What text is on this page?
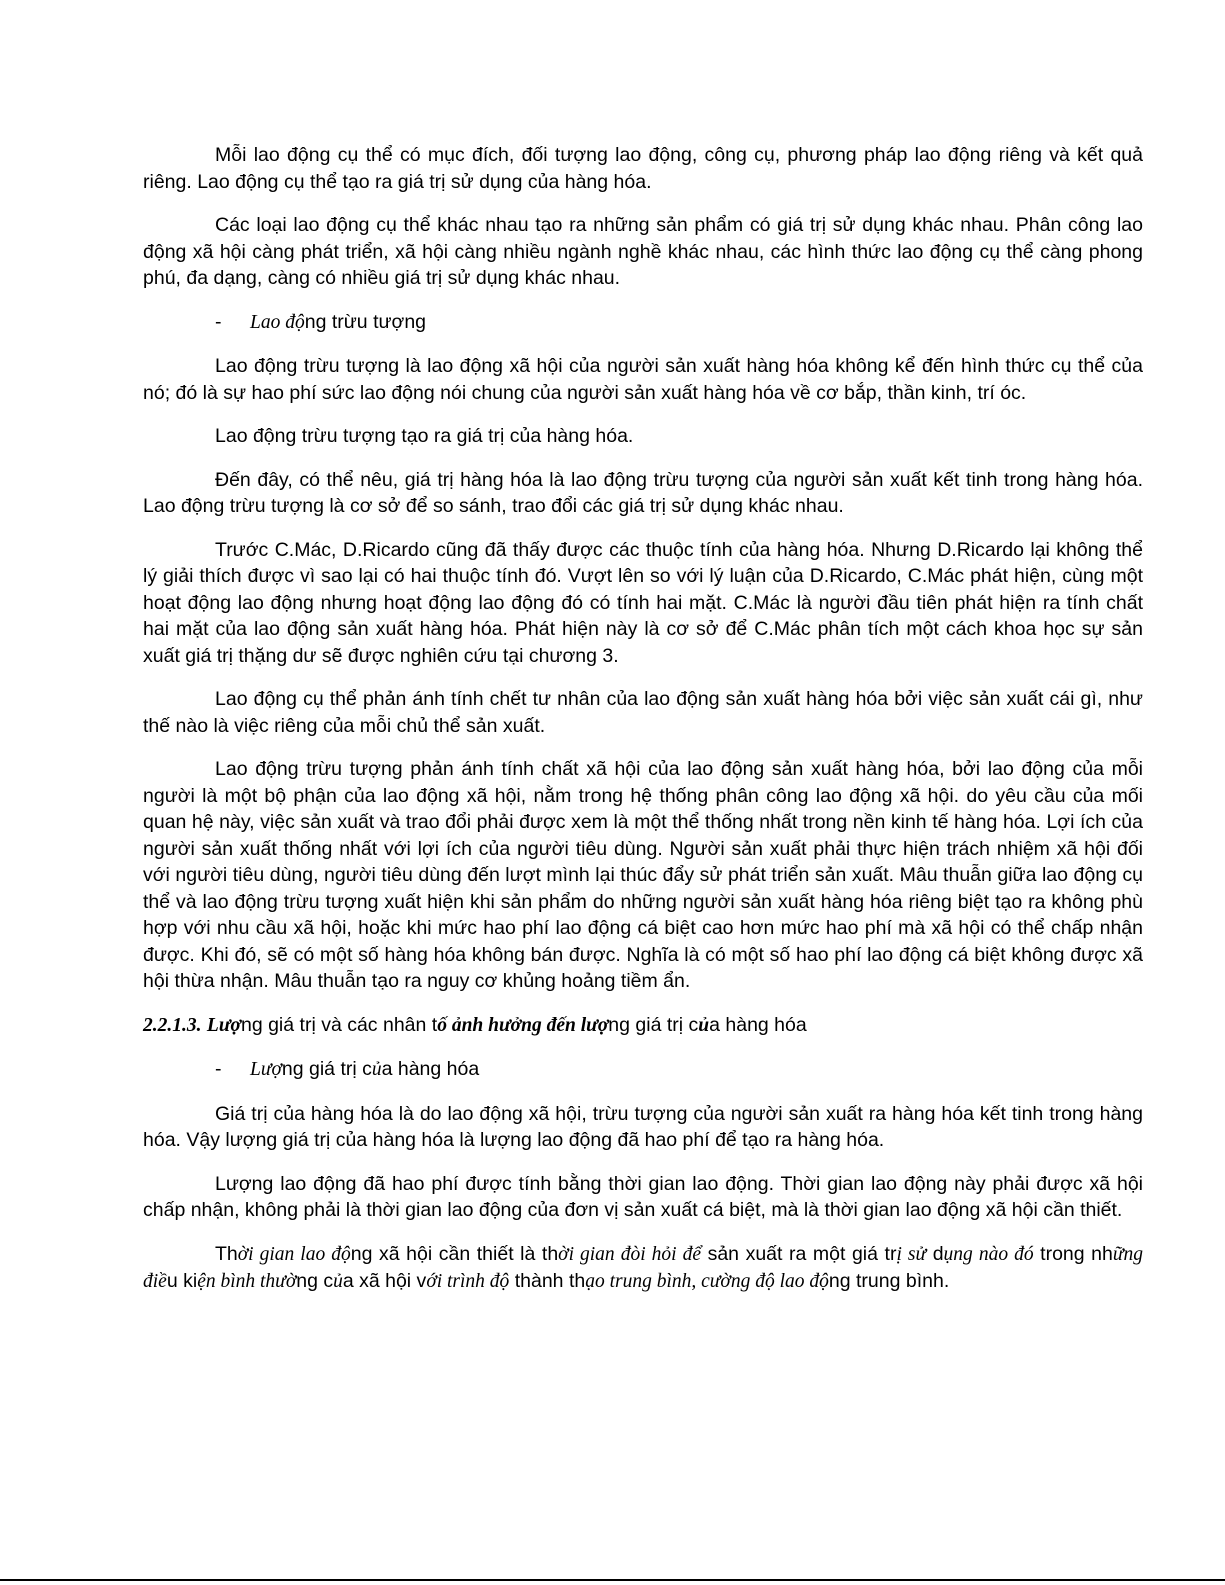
Mỗi lao động cụ thể có mục đích, đối tượng lao động, công cụ, phương pháp lao động riêng và kết quả riêng. Lao động cụ thể tạo ra giá trị sử dụng của hàng hóa.

Các loại lao động cụ thể khác nhau tạo ra những sản phẩm có giá trị sử dụng khác nhau. Phân công lao động xã hội càng phát triển, xã hội càng nhiều ngành nghề khác nhau, các hình thức lao động cụ thể càng phong phú, đa dạng, càng có nhiều giá trị sử dụng khác nhau.

- Lao động trừu tượng

Lao động trừu tượng là lao động xã hội của người sản xuất hàng hóa không kể đến hình thức cụ thể của nó; đó là sự hao phí sức lao động nói chung của người sản xuất hàng hóa về cơ bắp, thần kinh, trí óc.

Lao động trừu tượng tạo ra giá trị của hàng hóa.

Đến đây, có thể nêu, giá trị hàng hóa là lao động trừu tượng của người sản xuất kết tinh trong hàng hóa. Lao động trừu tượng là cơ sở để so sánh, trao đổi các giá trị sử dụng khác nhau.

Trước C.Mác, D.Ricardo cũng đã thấy được các thuộc tính của hàng hóa. Nhưng D.Ricardo lại không thể lý giải thích được vì sao lại có hai thuộc tính đó. Vượt lên so với lý luận của D.Ricardo, C.Mác phát hiện, cùng một hoạt động lao động nhưng hoạt động lao động đó có tính hai mặt. C.Mác là người đầu tiên phát hiện ra tính chất hai mặt của lao động sản xuất hàng hóa. Phát hiện này là cơ sở để C.Mác phân tích một cách khoa học sự sản xuất giá trị thặng dư sẽ được nghiên cứu tại chương 3.

Lao động cụ thể phản ánh tính chết tư nhân của lao động sản xuất hàng hóa bởi việc sản xuất cái gì, như thế nào là việc riêng của mỗi chủ thể sản xuất.

Lao động trừu tượng phản ánh tính chất xã hội của lao động sản xuất hàng hóa, bởi lao động của mỗi người là một bộ phận của lao động xã hội, nằm trong hệ thống phân công lao động xã hội. do yêu cầu của mối quan hệ này, việc sản xuất và trao đổi phải được xem là một thể thống nhất trong nền kinh tế hàng hóa. Lợi ích của người sản xuất thống nhất với lợi ích của người tiêu dùng. Người sản xuất phải thực hiện trách nhiệm xã hội đối với người tiêu dùng, người tiêu dùng đến lượt mình lại thúc đẩy sử phát triển sản xuất. Mâu thuẫn giữa lao động cụ thể và lao động trừu tượng xuất hiện khi sản phẩm do những người sản xuất hàng hóa riêng biệt tạo ra không phù hợp với nhu cầu xã hội, hoặc khi mức hao phí lao động cá biệt cao hơn mức hao phí mà xã hội có thể chấp nhận được. Khi đó, sẽ có một số hàng hóa không bán được. Nghĩa là có một số hao phí lao động cá biệt không được xã hội thừa nhận. Mâu thuẫn tạo ra nguy cơ khủng hoảng tiềm ẩn.

2.2.1.3. Lượng giá trị và các nhân tố ảnh hưởng đến lượng giá trị của hàng hóa
- Lượng giá trị của hàng hóa

Giá trị của hàng hóa là do lao động xã hội, trừu tượng của người sản xuất ra hàng hóa kết tinh trong hàng hóa. Vậy lượng giá trị của hàng hóa là lượng lao động đã hao phí để tạo ra hàng hóa.

Lượng lao động đã hao phí được tính bằng thời gian lao động. Thời gian lao động này phải được xã hội chấp nhận, không phải là thời gian lao động của đơn vị sản xuất cá biệt, mà là thời gian lao động xã hội cần thiết.

Thời gian lao động xã hội cần thiết là thời gian đòi hỏi để sản xuất ra một giá trị sử dụng nào đó trong những điều kiện bình thường của xã hội với trình độ thành thạo trung bình, cường độ lao động trung bình.
